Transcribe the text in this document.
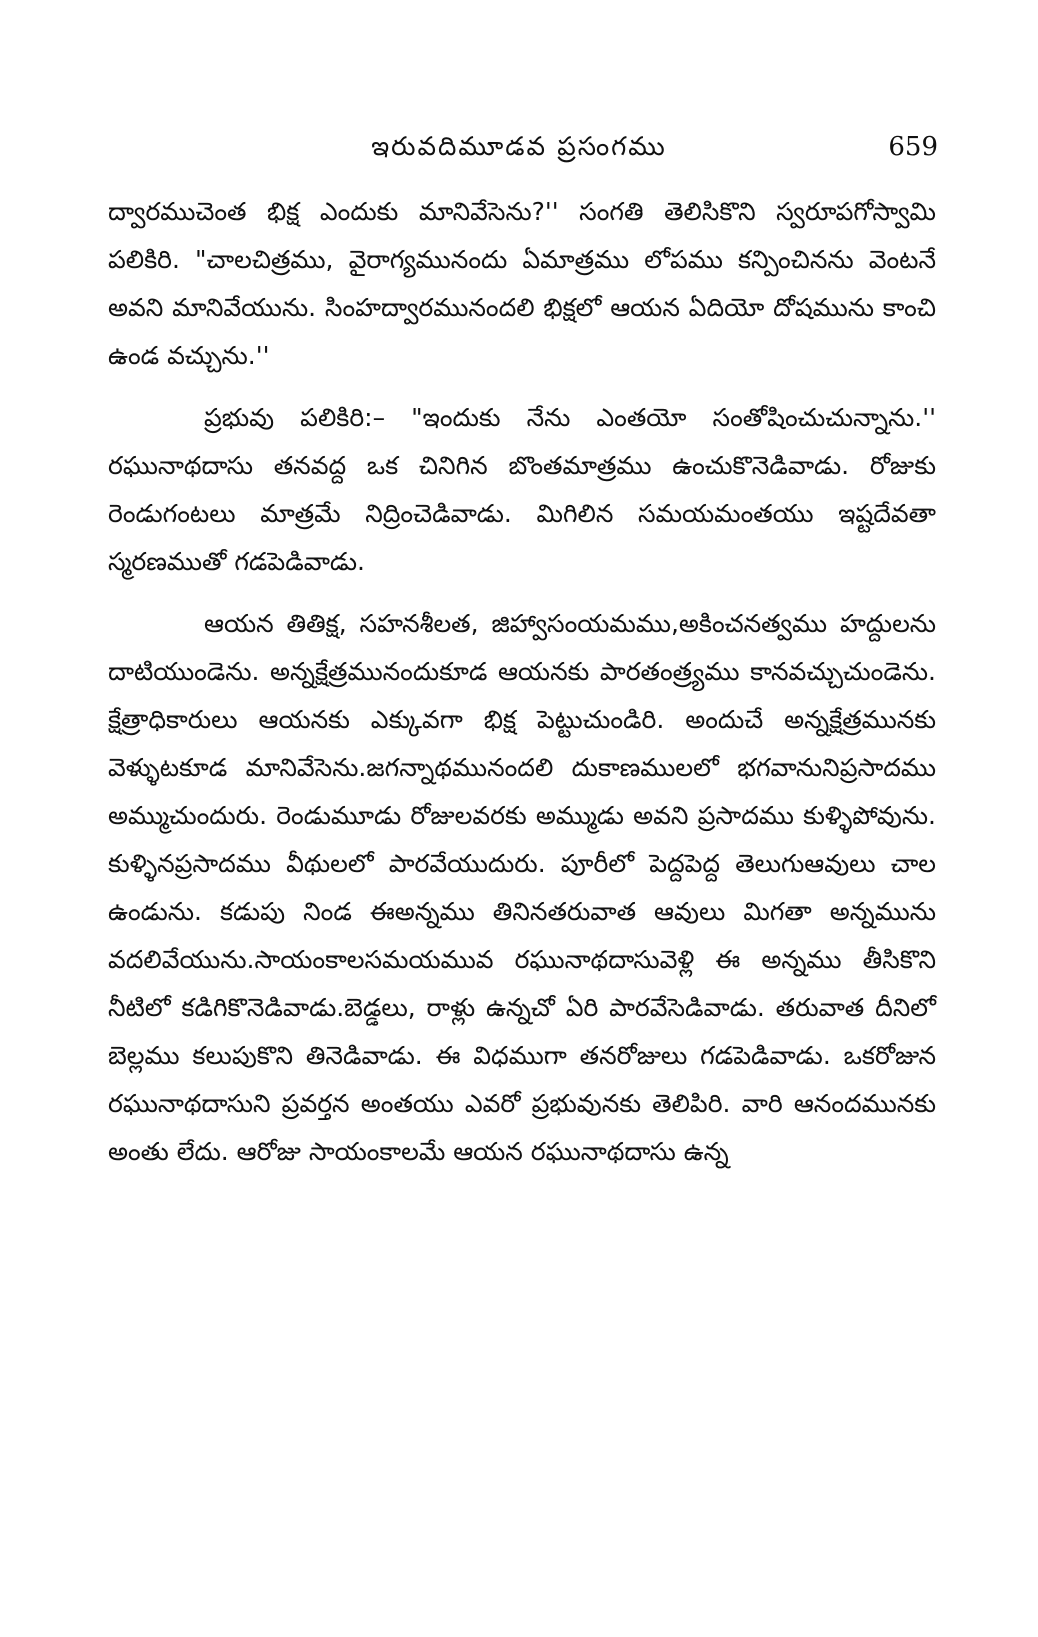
ఇరువదిమూడవ ప్రసంగము	659

ద్వారముచెంత భిక్ష ఎందుకు మానివేసెను?'' సంగతి తెలిసికొని స్వరూపగోస్వామి పలికిరి. "చాలచిత్రము, వైరాగ్యమునందు ఏమాత్రము లోపము కన్పించినను వెంటనే అవని మానివేయును. సింహద్వారమునందలి భిక్షలో ఆయన ఏదియో దోషమును కాంచి ఉండ వచ్చును.''

ప్రభువు పలికిరి:– "ఇందుకు నేను ఎంతయో సంతోషించుచున్నాను.'' రఘునాథదాసు తనవద్ద ఒక చినిగిన బొంతమాత్రము ఉంచుకొనెడివాడు. రోజుకు రెండుగంటలు మాత్రమే నిద్రించెడివాడు. మిగిలిన సమయమంతయు ఇష్టదేవతా స్మరణముతో గడపెడివాడు.

ఆయన తితిక్ష, సహనశీలత, జిహ్వాసంయమము,అకించనత్వము హద్దులను దాటియుండెను. అన్నక్షేత్రమునందుకూడ ఆయనకు పారతంత్ర్యము కానవచ్చుచుండెను. క్షేత్రాధికారులు ఆయనకు ఎక్కువగా భిక్ష పెట్టుచుండిరి. అందుచే అన్నక్షేత్రమునకు వెళ్ళుటకూడ మానివేసెను.జగన్నాథమునందలి దుకాణములలో భగవానునిప్రసాదము అమ్ముచుందురు. రెండుమూడు రోజులవరకు అమ్ముడు అవని ప్రసాదము కుళ్ళిపోవును. కుళ్ళినప్రసాదము వీథులలో పారవేయుదురు. పూరీలో పెద్దపెద్ద తెలుగుఆవులు చాల ఉండును. కడుపు నిండ ఈఅన్నము తినినతరువాత ఆవులు మిగతా అన్నమును వదలివేయును.సాయంకాలసమయమువ రఘునాథదాసువెళ్లి ఈ అన్నము తీసికొని నీటిలో కడిగికొనెడివాడు.బెడ్డలు, రాళ్లు ఉన్నచో ఏరి పారవేసెడివాడు. తరువాత దీనిలో బెల్లము కలుపుకొని తినెడివాడు. ఈ విధముగా తనరోజులు గడపెడివాడు. ఒకరోజున రఘునాథదాసుని ప్రవర్తన అంతయు ఎవరో ప్రభువునకు తెలిపిరి. వారి ఆనందమునకు అంతు లేదు. ఆరోజు సాయంకాలమే ఆయన రఘునాథదాసు ఉన్న
